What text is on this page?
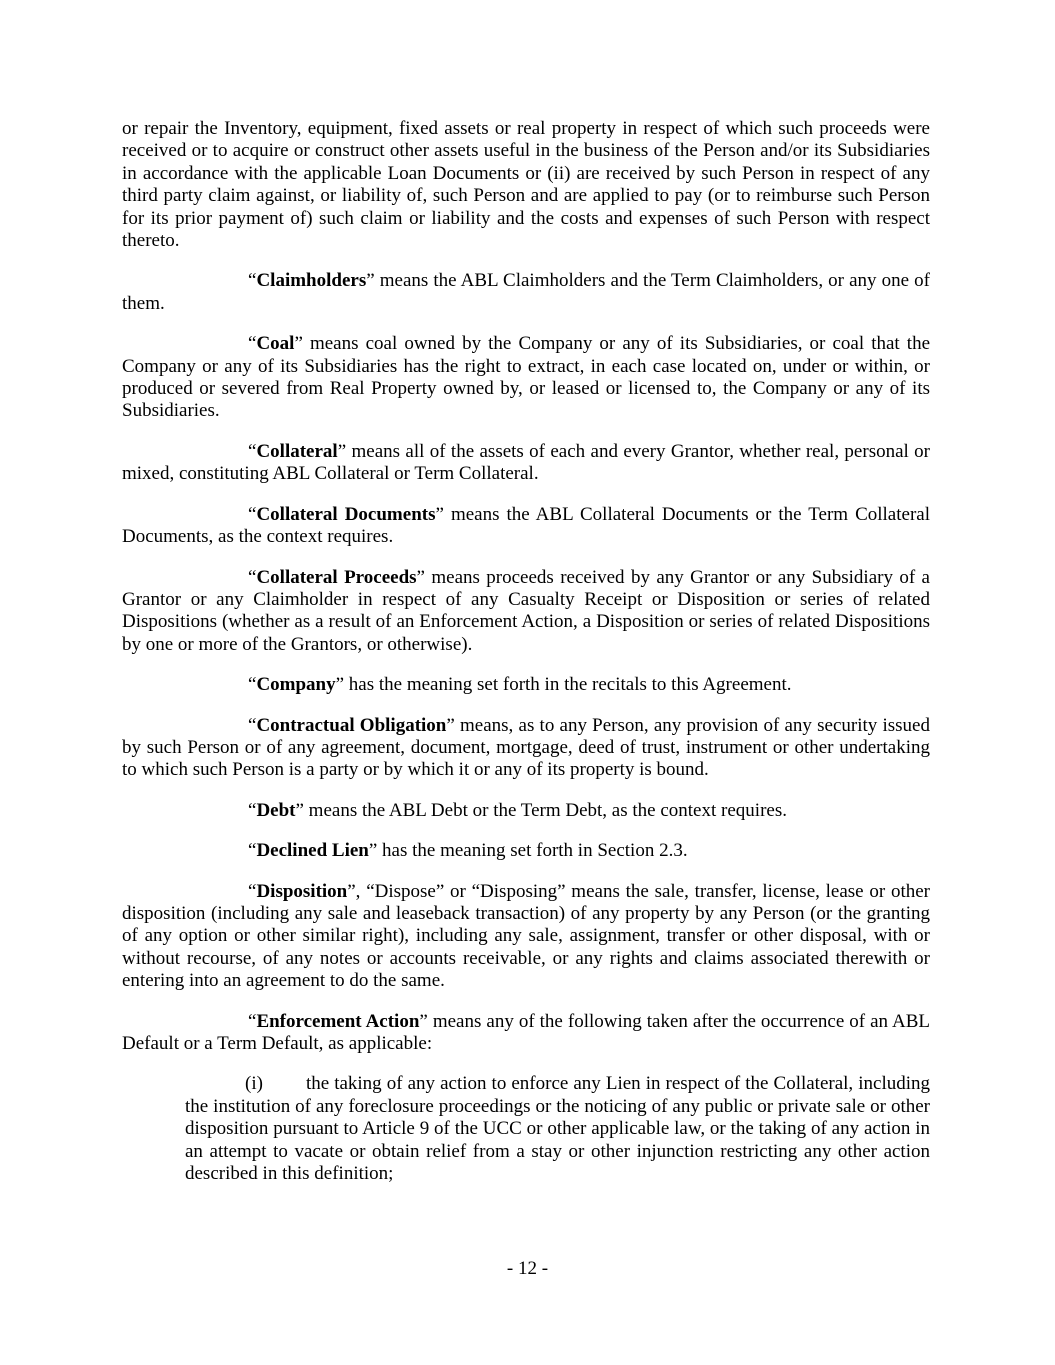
or repair the Inventory, equipment, fixed assets or real property in respect of which such proceeds were received or to acquire or construct other assets useful in the business of the Person and/or its Subsidiaries in accordance with the applicable Loan Documents or (ii) are received by such Person in respect of any third party claim against, or liability of, such Person and are applied to pay (or to reimburse such Person for its prior payment of) such claim or liability and the costs and expenses of such Person with respect thereto.

“Claimholders” means the ABL Claimholders and the Term Claimholders, or any one of them.

“Coal” means coal owned by the Company or any of its Subsidiaries, or coal that the Company or any of its Subsidiaries has the right to extract, in each case located on, under or within, or produced or severed from Real Property owned by, or leased or licensed to, the Company or any of its Subsidiaries.

“Collateral” means all of the assets of each and every Grantor, whether real, personal or mixed, constituting ABL Collateral or Term Collateral.

“Collateral Documents” means the ABL Collateral Documents or the Term Collateral Documents, as the context requires.

“Collateral Proceeds” means proceeds received by any Grantor or any Subsidiary of a Grantor or any Claimholder in respect of any Casualty Receipt or Disposition or series of related Dispositions (whether as a result of an Enforcement Action, a Disposition or series of related Dispositions by one or more of the Grantors, or otherwise).

“Company” has the meaning set forth in the recitals to this Agreement.

“Contractual Obligation” means, as to any Person, any provision of any security issued by such Person or of any agreement, document, mortgage, deed of trust, instrument or other undertaking to which such Person is a party or by which it or any of its property is bound.

“Debt” means the ABL Debt or the Term Debt, as the context requires.

“Declined Lien” has the meaning set forth in Section 2.3.

“Disposition”, “Dispose” or “Disposing” means the sale, transfer, license, lease or other disposition (including any sale and leaseback transaction) of any property by any Person (or the granting of any option or other similar right), including any sale, assignment, transfer or other disposal, with or without recourse, of any notes or accounts receivable, or any rights and claims associated therewith or entering into an agreement to do the same.

“Enforcement Action” means any of the following taken after the occurrence of an ABL Default or a Term Default, as applicable:

(i) the taking of any action to enforce any Lien in respect of the Collateral, including the institution of any foreclosure proceedings or the noticing of any public or private sale or other disposition pursuant to Article 9 of the UCC or other applicable law, or the taking of any action in an attempt to vacate or obtain relief from a stay or other injunction restricting any other action described in this definition;

- 12 -
